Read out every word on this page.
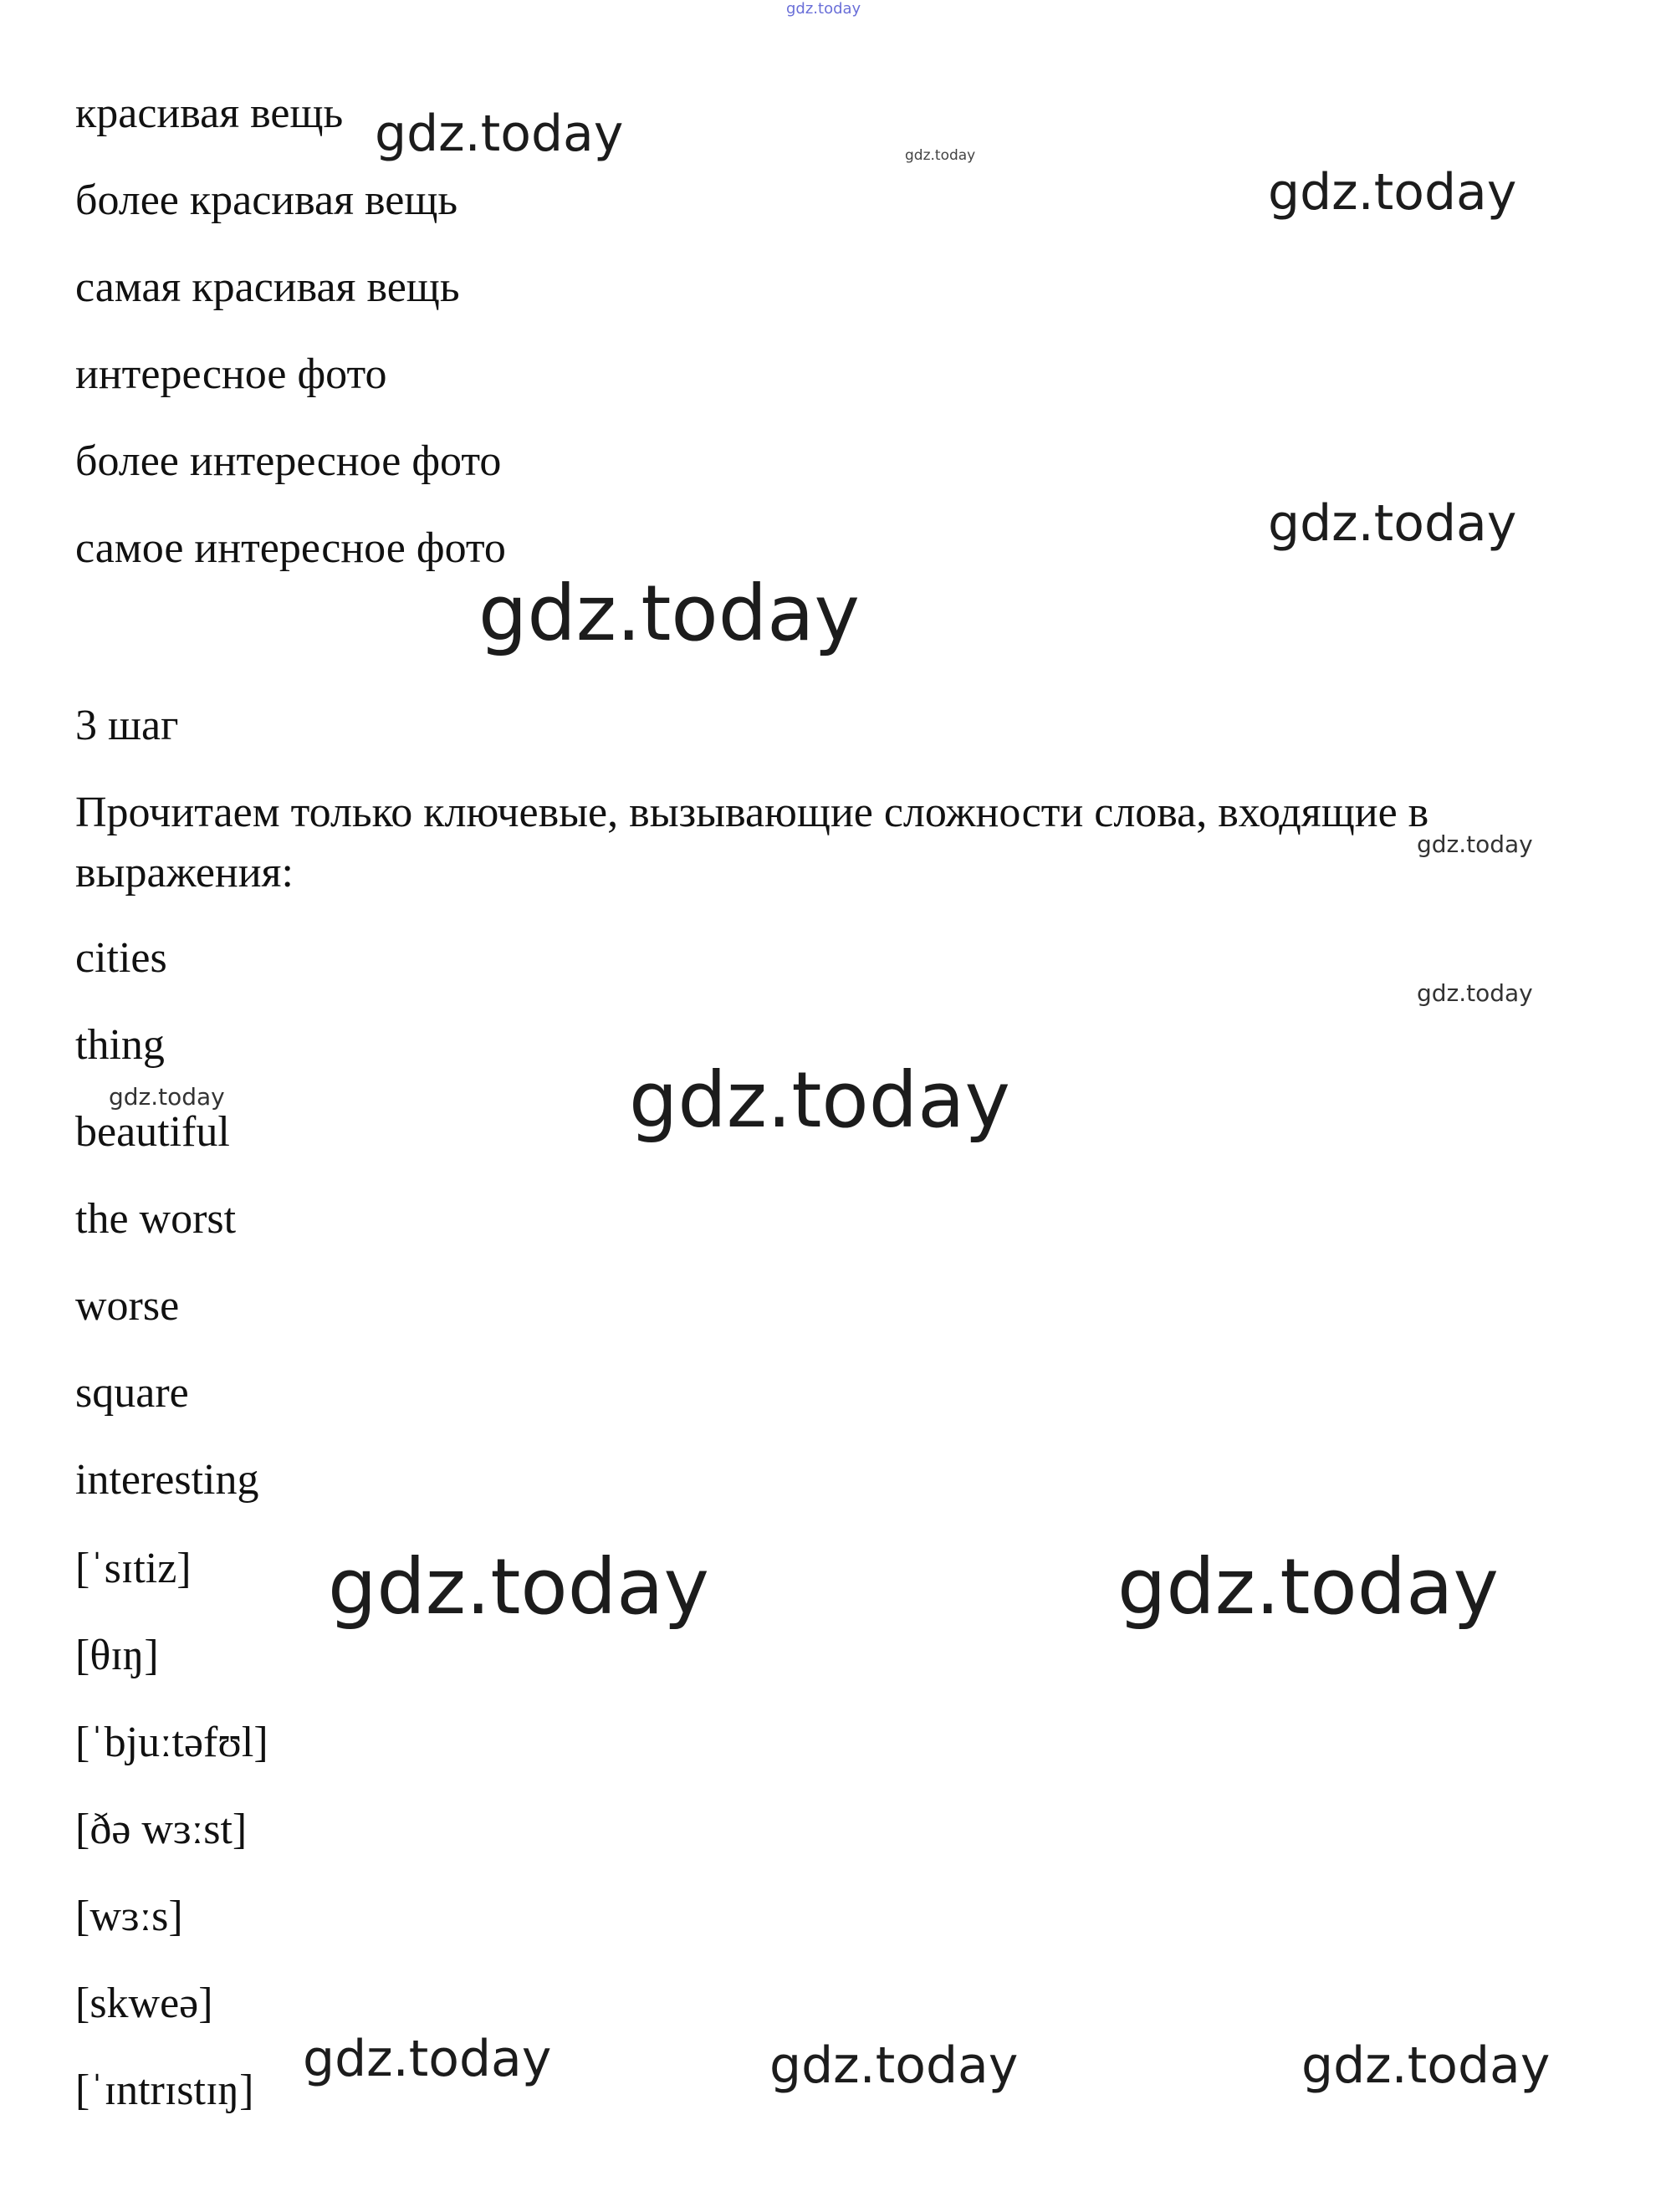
красивая вещь
более красивая вещь
самая красивая вещь
интересное фото
более интересное фото
самое интересное фото
3 шаг
Прочитаем только ключевые, вызывающие сложности слова, входящие в выражения:
cities
thing
beautiful
the worst
worse
square
interesting
[ˈsɪtiz]
[θɪŋ]
[ˈbjuːtəfʊl]
[ðə wɜːst]
[wɜːs]
[skweə]
[ˈɪntrɪstɪŋ]
gdz.today
gdz.today	gdz.today
gdz.today
gdz.today
gdz.today
gdz.today
gdz.today
gdz.today	gdz.today
gdz.today	gdz.today
gdz.today	gdz.today	gdz.today
